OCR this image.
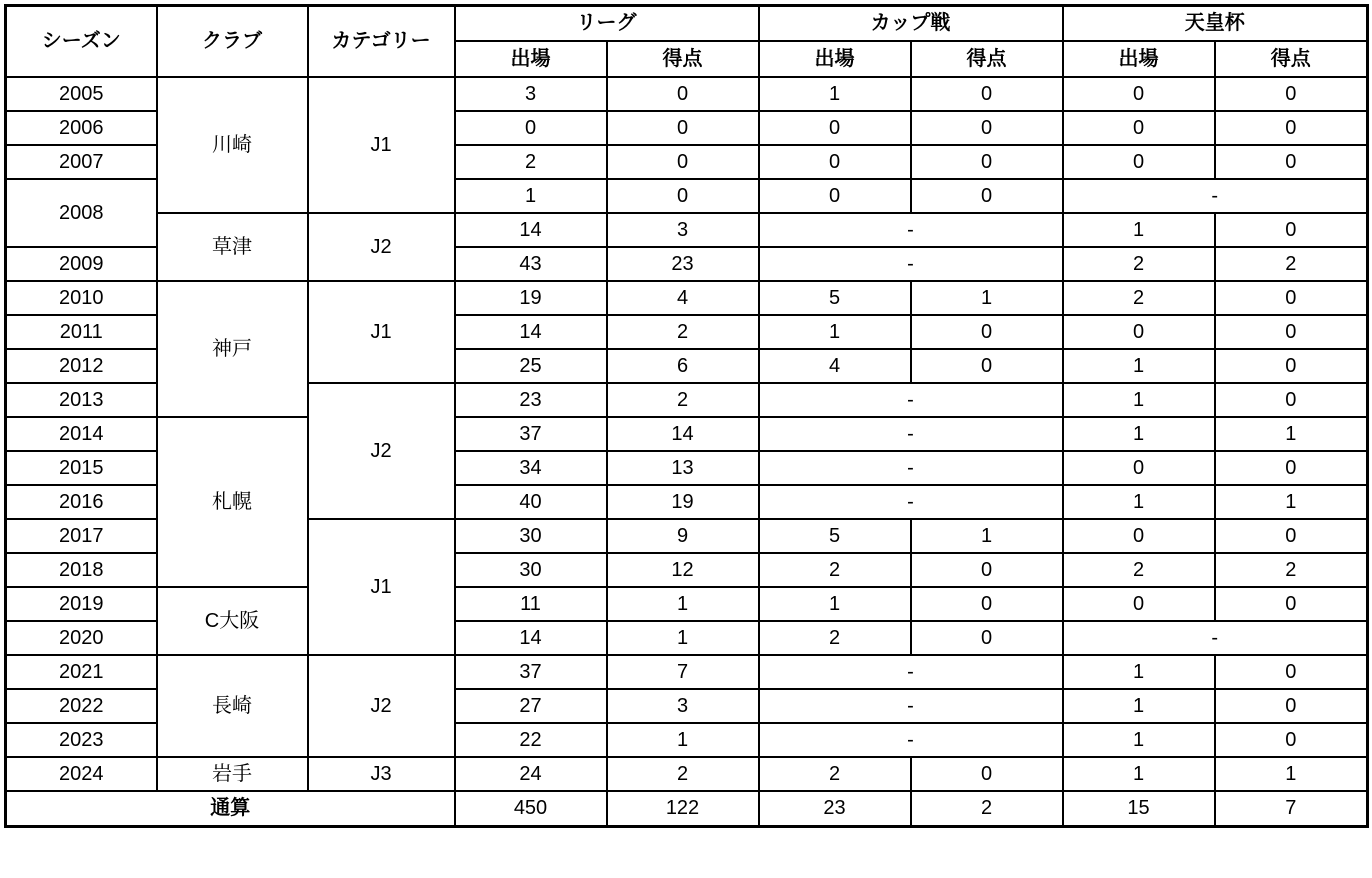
シーズン	クラブ	カテゴリー	リーグ		カップ戦		天皇杯	
			出場	得点	出場	得点	出場	得点
2005	川崎	J1	3	0	1	0	0	0
2006			0	0	0	0	0	0
2007			2	0	0	0	0	0
2008			1	0	0	0	-	
	草津	J2	14	3	-		1	0
2009			43	23	-		2	2
2010	神戸	J1	19	4	5	1	2	0
2011			14	2	1	0	0	0
2012			25	6	4	0	1	0
2013		J2	23	2	-		1	0
2014	札幌		37	14	-		1	1
2015			34	13	-		0	0
2016			40	19	-		1	1
2017		J1	30	9	5	1	0	0
2018			30	12	2	0	2	2
2019	C大阪		11	1	1	0	0	0
2020			14	1	2	0	-	
2021	長崎	J2	37	7	-		1	0
2022			27	3	-		1	0
2023			22	1	-		1	0
2024	岩手	J3	24	2	2	0	1	1
通算			450	122	23	2	15	7
